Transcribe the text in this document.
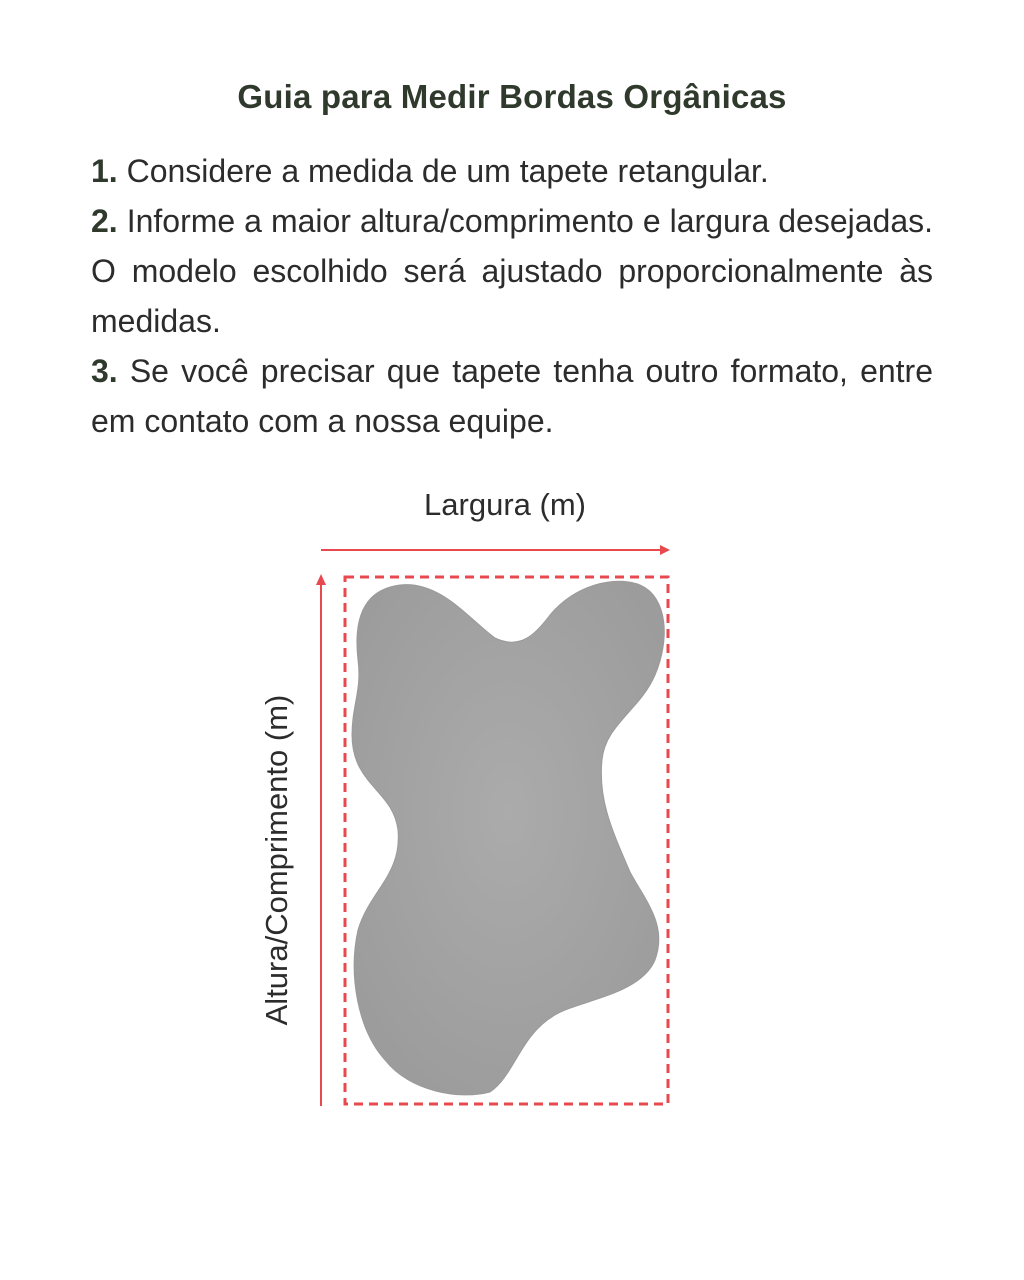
Guia para Medir Bordas Orgânicas

1. Considere a medida de um tapete retangular.

2. Informe a maior altura/comprimento e largura desejadas. O modelo escolhido será ajustado proporcionalmente às medidas.

3. Se você precisar que tapete tenha outro formato, entre em contato com a nossa equipe.

Largura (m)
Altura/Comprimento (m)
